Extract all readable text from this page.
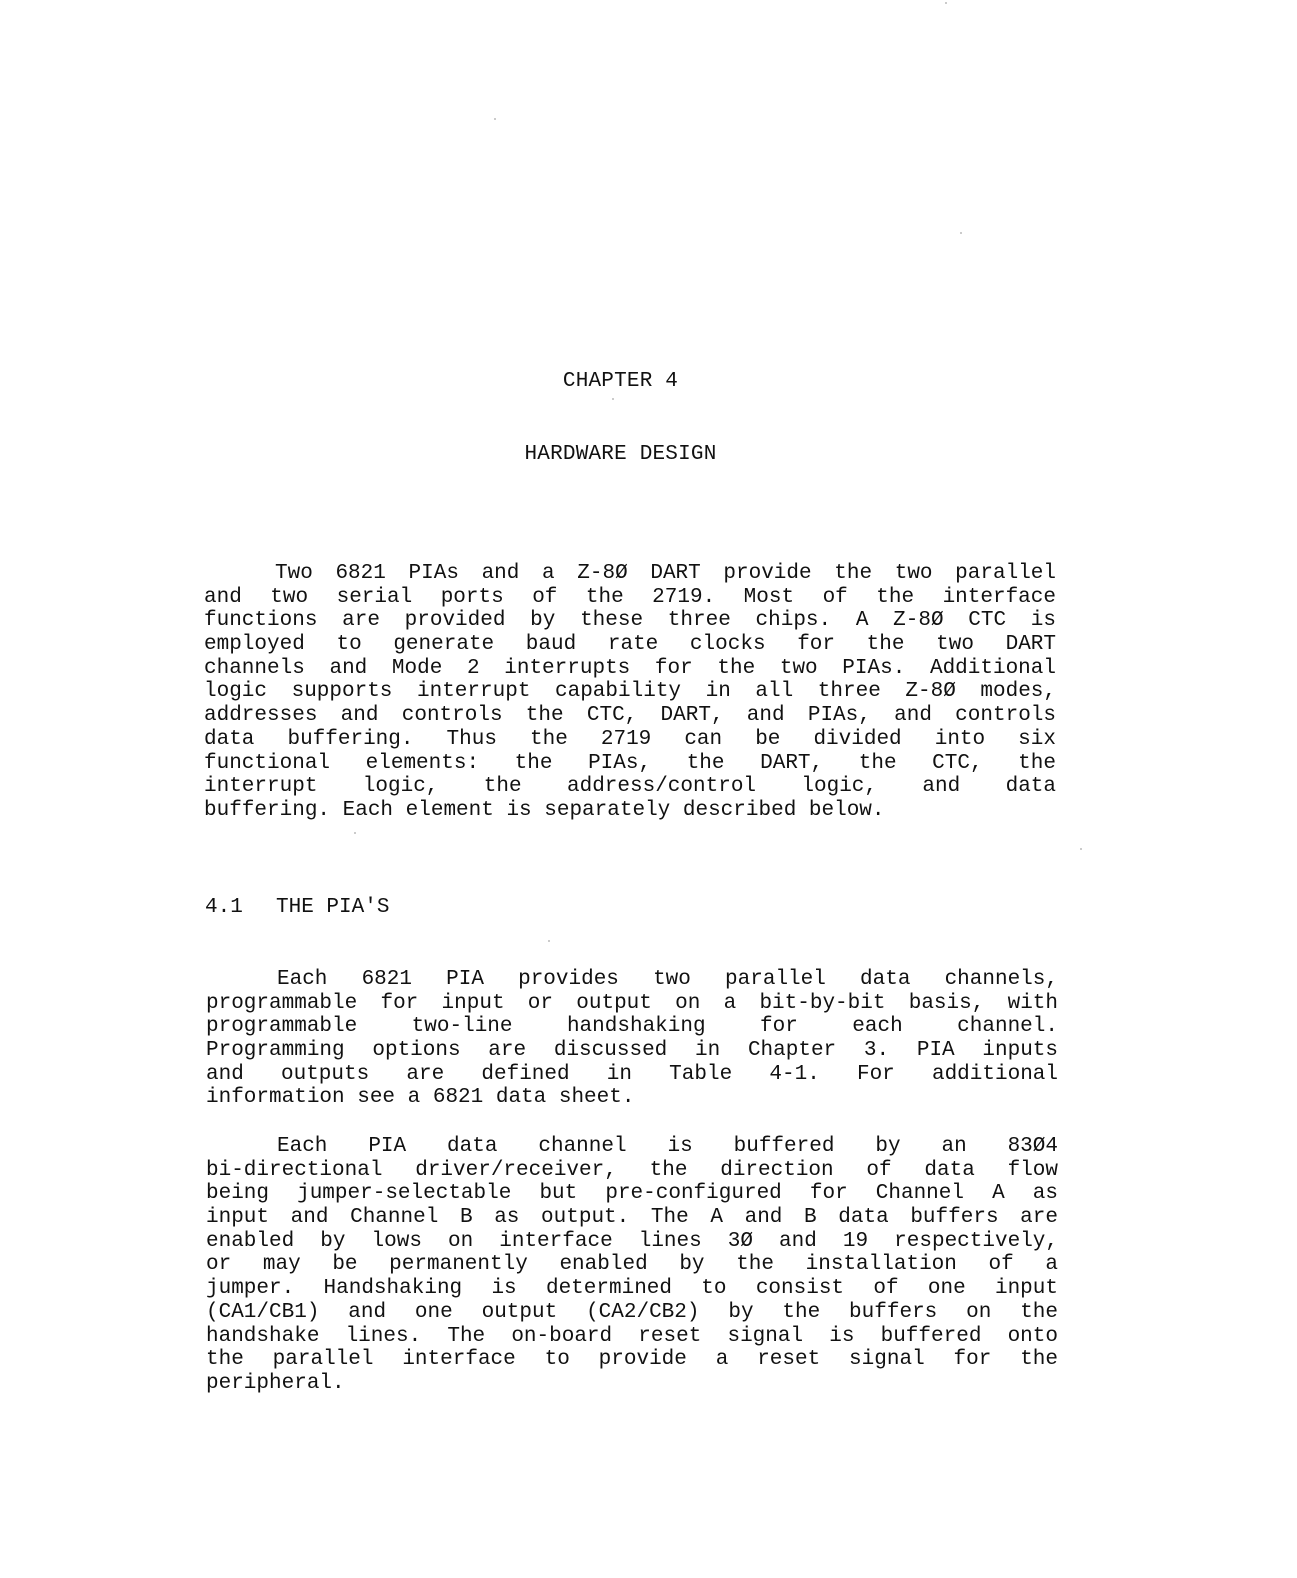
CHAPTER 4
HARDWARE DESIGN
Two 6821 PIAs and a Z-8Ø DART provide the two parallel
and two serial ports of the 2719. Most of the interface
functions are provided by these three chips. A Z-8Ø CTC is
employed to generate baud rate clocks for the two DART
channels and Mode 2 interrupts for the two PIAs. Additional
logic supports interrupt capability in all three Z-8Ø modes,
addresses and controls the CTC, DART, and PIAs, and controls
data buffering. Thus the 2719 can be divided into six
functional elements: the PIAs, the DART, the CTC, the
interrupt logic, the address/control logic, and data
buffering. Each element is separately described below.
4.1 THE PIA'S
Each 6821 PIA provides two parallel data channels,
programmable for input or output on a bit-by-bit basis, with
programmable two-line handshaking for each channel.
Programming options are discussed in Chapter 3. PIA inputs
and outputs are defined in Table 4-1. For additional
information see a 6821 data sheet.
Each PIA data channel is buffered by an 83Ø4
bi-directional driver/receiver, the direction of data flow
being jumper-selectable but pre-configured for Channel A as
input and Channel B as output. The A and B data buffers are
enabled by lows on interface lines 3Ø and 19 respectively,
or may be permanently enabled by the installation of a
jumper. Handshaking is determined to consist of one input
(CA1/CB1) and one output (CA2/CB2) by the buffers on the
handshake lines. The on-board reset signal is buffered onto
the parallel interface to provide a reset signal for the
peripheral.
